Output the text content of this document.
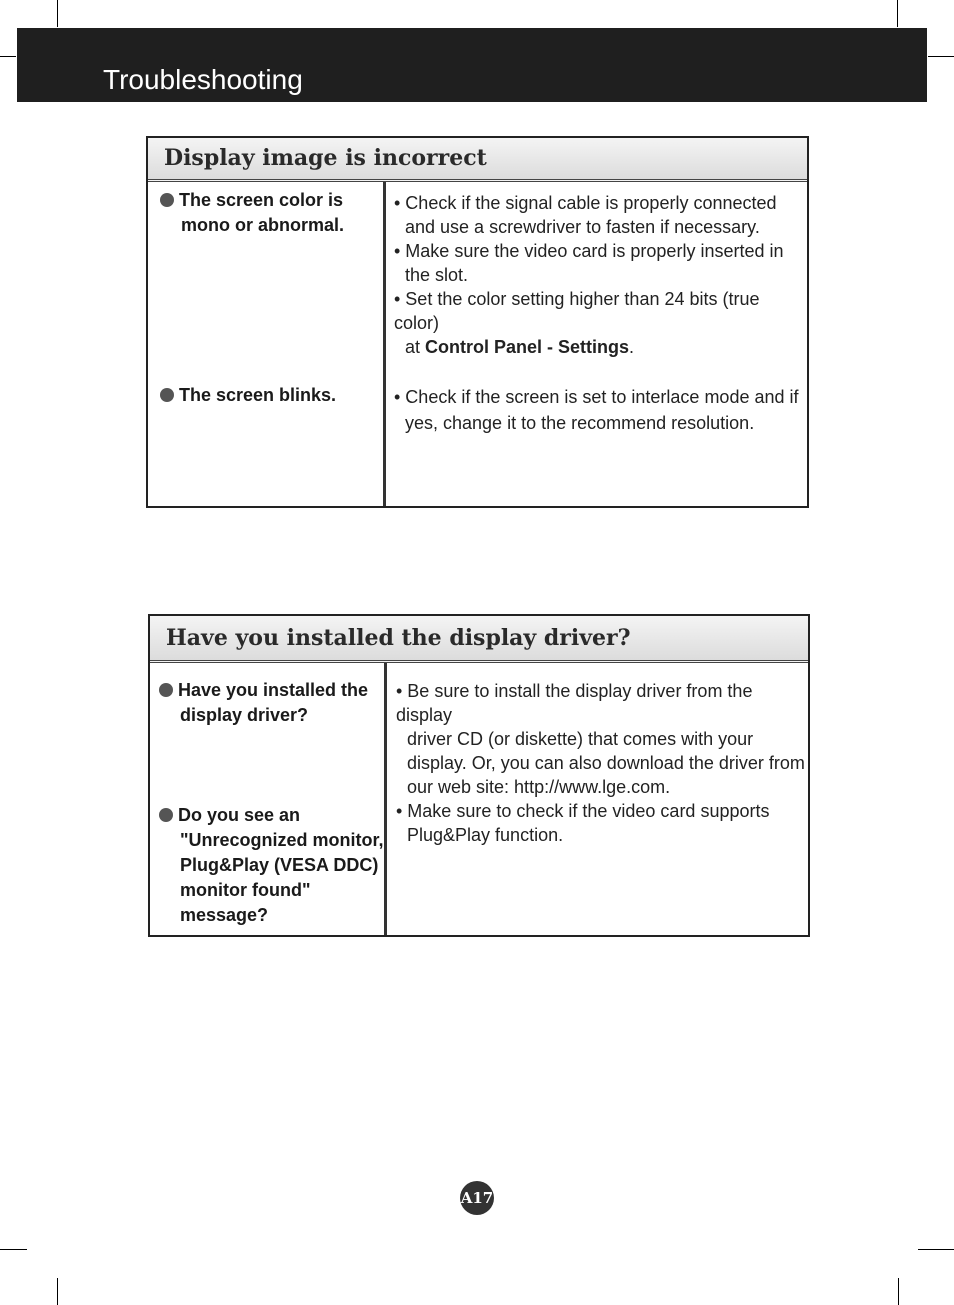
Troubleshooting
Display image is incorrect
The screen color is
mono or abnormal.
• Check if the signal cable is properly connected
and use a screwdriver to fasten if necessary.
• Make sure the video card is properly inserted in
the slot.
• Set the color setting higher than 24 bits (true color)
at Control Panel - Settings.
The screen blinks.	• Check if the screen is set to interlace mode and if
yes, change it to the recommend resolution.
Have you installed the display driver?
Have you installed the
display driver?
• Be sure to install the display driver from the display
driver CD (or diskette) that comes with your
display. Or, you can also download the driver from
our web site: http://www.lge.com.
Do you see an
"Unrecognized monitor,
Plug&Play (VESA DDC)
monitor found"
message?
• Make sure to check if the video card supports
Plug&Play function.
A17
